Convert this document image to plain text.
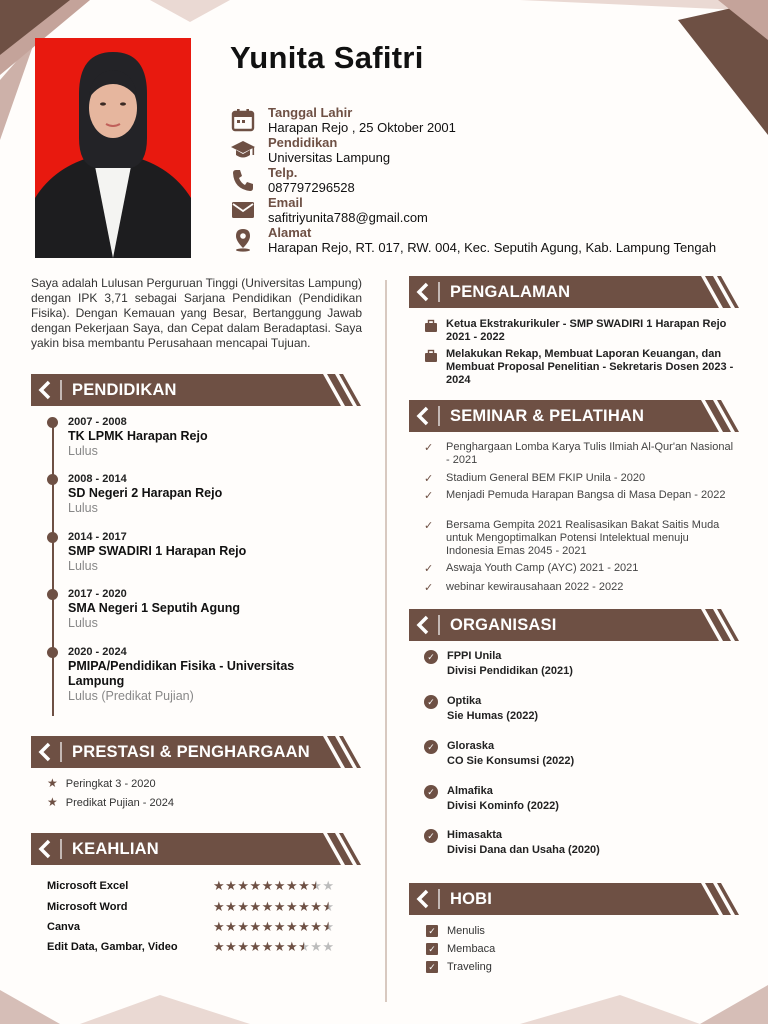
Yunita Safitri
Tanggal Lahir
Harapan Rejo , 25 Oktober 2001
Pendidikan
Universitas Lampung
Telp.
087797296528
Email
safitriyunita788@gmail.com
Alamat
Harapan Rejo, RT. 017, RW. 004, Kec. Seputih Agung, Kab. Lampung Tengah
Saya adalah Lulusan Perguruan Tinggi (Universitas Lampung) dengan IPK 3,71 sebagai Sarjana Pendidikan (Pendidikan Fisika). Dengan Kemauan yang Besar, Bertanggung Jawab dengan Pekerjaan Saya, dan Cepat dalam Beradaptasi. Saya yakin bisa membantu Perusahaan mencapai Tujuan.
PENDIDIKAN
2007 - 2008
TK LPMK Harapan Rejo
Lulus
2008 - 2014
SD Negeri 2 Harapan Rejo
Lulus
2014 - 2017
SMP SWADIRI 1 Harapan Rejo
Lulus
2017 - 2020
SMA Negeri 1 Seputih Agung
Lulus
2020 - 2024
PMIPA/Pendidikan Fisika - Universitas Lampung
Lulus (Predikat Pujian)
PRESTASI & PENGHARGAAN
★ Peringkat 3 - 2020
★ Predikat Pujian - 2024
KEAHLIAN
Microsoft Excel	★★★★★★★★★★
Microsoft Word	★★★★★★★★★★
Canva	★★★★★★★★★★
Edit Data, Gambar, Video	★★★★★★★★★★
PENGALAMAN
Ketua Ekstrakurikuler - SMP SWADIRI 1 Harapan Rejo 2021 - 2022
Melakukan Rekap, Membuat Laporan Keuangan, dan Membuat Proposal Penelitian - Sekretaris Dosen 2023 - 2024
SEMINAR & PELATIHAN
✓	Penghargaan Lomba Karya Tulis Ilmiah Al-Qur'an Nasional - 2021
✓	Stadium General BEM FKIP Unila - 2020
✓	Menjadi Pemuda Harapan Bangsa di Masa Depan - 2022
✓	Bersama Gempita 2021 Realisasikan Bakat Saitis Muda untuk Mengoptimalkan Potensi Intelektual menuju Indonesia Emas 2045 - 2021
✓	Aswaja Youth Camp (AYC) 2021 - 2021
✓	webinar kewirausahaan 2022 - 2022
ORGANISASI
✓ FPPI Unila
Divisi Pendidikan (2021)
✓ Optika
Sie Humas (2022)
✓ Gloraska
CO Sie Konsumsi (2022)
✓ Almafika
Divisi Kominfo (2022)
✓ Himasakta
Divisi Dana dan Usaha (2020)
HOBI
✓ Menulis
✓ Membaca
✓ Traveling
